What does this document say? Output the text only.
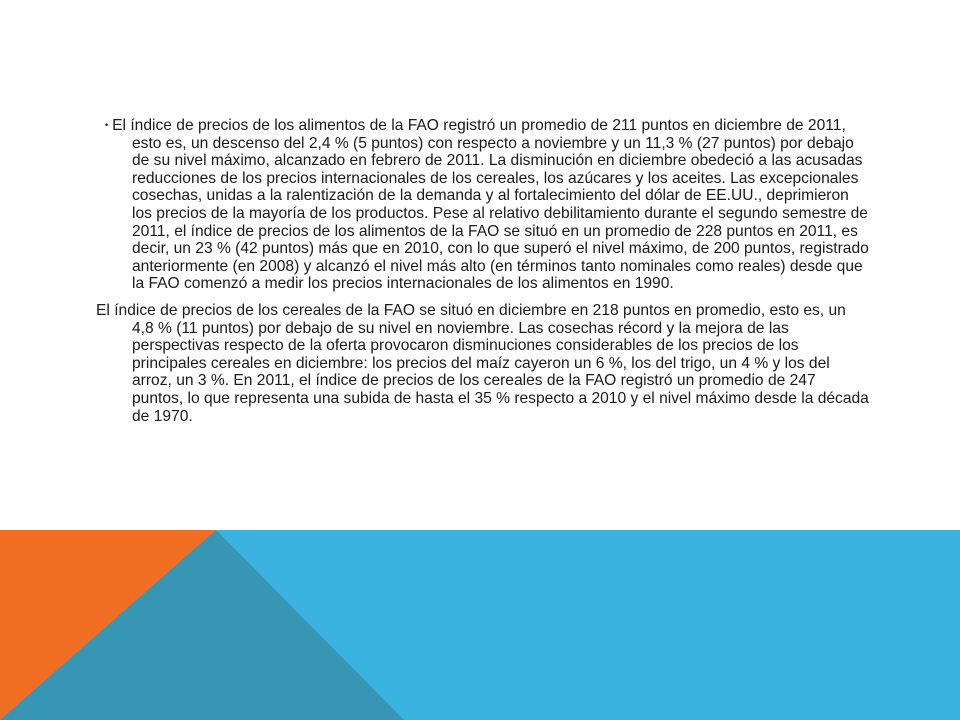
• El índice de precios de los alimentos de la FAO registró un promedio de 211 puntos en diciembre de 2011, esto es, un descenso del 2,4 % (5 puntos) con respecto a noviembre y un 11,3 % (27 puntos) por debajo de su nivel máximo, alcanzado en febrero de 2011. La disminución en diciembre obedeció a las acusadas reducciones de los precios internacionales de los cereales, los azúcares y los aceites. Las excepcionales cosechas, unidas a la ralentización de la demanda y al fortalecimiento del dólar de EE.UU., deprimieron los precios de la mayoría de los productos. Pese al relativo debilitamiento durante el segundo semestre de 2011, el índice de precios de los alimentos de la FAO se situó en un promedio de 228 puntos en 2011, es decir, un 23 % (42 puntos) más que en 2010, con lo que superó el nivel máximo, de 200 puntos, registrado anteriormente (en 2008) y alcanzó el nivel más alto (en términos tanto nominales como reales) desde que la FAO comenzó a medir los precios internacionales de los alimentos en 1990.

El índice de precios de los cereales de la FAO se situó en diciembre en 218 puntos en promedio, esto es, un 4,8 % (11 puntos) por debajo de su nivel en noviembre. Las cosechas récord y la mejora de las perspectivas respecto de la oferta provocaron disminuciones considerables de los precios de los principales cereales en diciembre: los precios del maíz cayeron un 6 %, los del trigo, un 4 % y los del arroz, un 3 %. En 2011, el índice de precios de los cereales de la FAO registró un promedio de 247 puntos, lo que representa una subida de hasta el 35 % respecto a 2010 y el nivel máximo desde la década de 1970.
